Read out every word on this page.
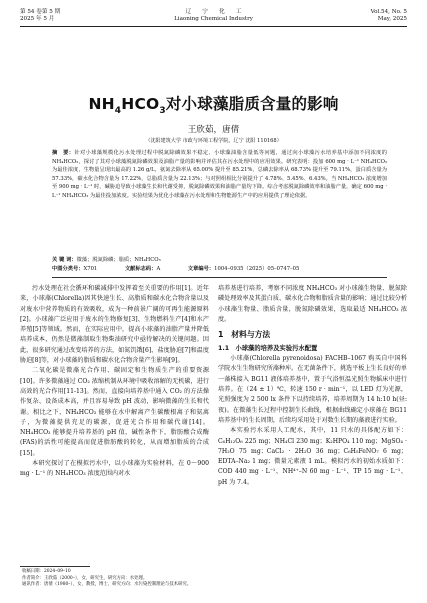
第 54 卷第 5 期
2025 年 5 月
辽　　宁　　化　　工
Liaoning Chemical Industry
Vol.54, No. 5
May, 2025
$NH_4HCO_3$对小球藻脂质含量的影响
王欣茹，唐倩
（沈阳建筑大学 市政与环境工程学院，辽宁 沈阳 110168）
摘　要：针对小球藻规模化污水处理过程中脱氮除磷效果不稳定、小球藻油脂含量低等问题，通过向小球藻污水培养基中添加不同浓度的 NH₄HCO₃，探讨了其对小球藻脱氮除磷效果及油脂产量的影响并评估其在污水处理中的应用效果。研究表明：投加 600 mg · L⁻¹ NH₄HCO₃ 为最佳浓度，生物量呈现出最高的 1.26 g/L，氨氮去除率从 65.00% 提升至 85.21%，总磷去除率从 68.73% 提升至 79.11%，蛋白质含量为 57.33%，碳水化合物含量为 17.22%，总脂质含量为 22.13%；与对照组相比分别提升了 4.78%、5.45%、6.43%。当 NH₄HCO₃ 浓度增加至 900 mg · L⁻¹ 时，碱胁迫导致小球藻生长和代谢受抑，脱氮除磷效果和油脂产量均下降。综合考虑脱氮除磷效率和油脂产量，确定 600 mg · L⁻¹ NH₄HCO₃ 为最佳投加浓度。实验结果为优化小球藻在污水处理和生物能源生产中的应用提供了理论依据。
关 键 词：微藻；脱氮除磷；脂质；NH₄HCO₃
中图分类号：X701	文献标志码：A	文章编号：1004–0935（2025）05–0747–05

污水处理在社会循环和碳减排中发挥着至关重要的作用[1]。近年来，小球藻(Chlorella)因其快速生长、高脂质和碳水化合物含量以及对废水中营养物质的有效吸收，成为一种前景广阔的可再生能源原料[2]。小球藻广泛应用于废水的生物修复[3]、生物燃料生产[4]和水产养殖[5]等领域。然而，在实际应用中，提高小球藻的油脂产量并降低培养成本，仍然是微藻制取生物柴油研究中亟待解决的关键问题。因此，很多研究通过改变培养的方法，如氮饥饿[6]、盐度胁迫[7]和温度胁迫[8]等，对小球藻的脂质和碳水化合物含量产生影响[9]。

二氧化碳是微藻光合作用、碳固定和生物质生产的重要资源[10]。许多微藻通过 CO₂ 浓缩机制从环境中吸收溶解的无机碳，进行高效的光合作用[11-13]。然而，直接向培养基中通入 CO₂ 的方法操作复杂、设备成本高，并且容易导致 pH 波动，影响微藻的生长和代谢。相比之下，NH₄HCO₃ 能够在水中解离产生碳酸根离子和氨离子，为微藻提供充足的碳源，促进光合作用和碳代谢[14]。NH₄HCO₃ 能够提升培养基的 pH 值，碱性条件下，脂肪酸合成酶(FAS)的活性可能提高而促进脂肪酸的转化，从而增加脂质的合成[15]。

本研究探讨了在模拟污水中，以小球藻为实验材料，在 0～900 mg · L⁻¹ 的 NH₄HCO₃ 浓度范围内对水

培养基进行培养，考察不同浓度 NH₄HCO₃ 对小球藻生物量、脱氮除磷处理效率及其蛋白质、碳水化合物和脂质含量的影响；通过比较分析小球藻生物量、脂质含量，脱氮除磷效果，选取最适 NH₄HCO₃ 浓度。

1　材料与方法
1.1　小球藻的培养及实验污水配置

小球藻(Chlorella pyrenoidosa) FACHB–1067 购买自中国科学院水生生物研究所藻种库。在无菌条件下，挑选平板上生长良好的单一藻株接入 BG11 液体培养基中，置于气浴恒温光照生物摇床中进行培养。在（24 ± 1）℃，转速 150 r · min⁻¹，以 LED 灯为光源，光照强度为 2 500 lx 条件下以持续培养，培养周期为 14 h:10 h(昼:夜)。在微藻生长过程中控制生长曲线，根据曲线确定小球藻在 BG11 培养基中的生长周期，后续均采用处于对数生长期的藻液进行实验。

本实验污水采用人工配水，其中，11 只水的具体配方如下：C₆H₁₂O₆ 225 mg；NH₄Cl 230 mg；K₂HPO₄ 110 mg；MgSO₄ · 7H₂O 75 mg；CaCl₂ · 2H₂O 36 mg；C₆H₅FeNO₇ 6 mg；EDTA–Na₂ 1 mg；微量元素液 1 mL。模拟污水的初始水质如下：COD 440 mg · L⁻¹、NH⁴⁺–N 60 mg · L⁻¹、TP 15 mg · L⁻¹、pH 为 7.4。

收稿日期：2024–09–10
作者简介：王欣茹（2000–），女，研究生，研究方向：水处理。
通讯作者：唐倩（1980–），女，教授，博士，研究方向：水污染控制理论与技术研究。
